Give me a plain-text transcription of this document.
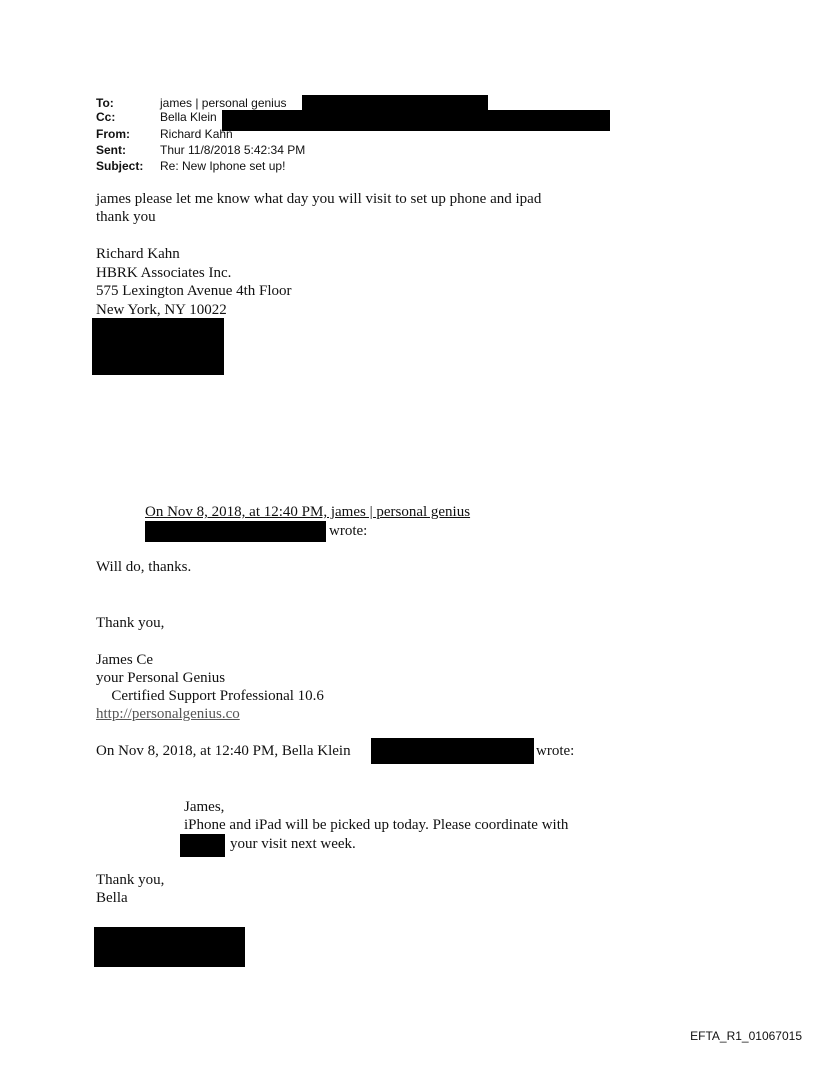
To:	james | personal genius
Cc:	Bella Klein
From:	Richard Kahn
Sent:	Thur 11/8/2018 5:42:34 PM
Subject: Re: New Iphone set up!
james please let me know what day you will visit to set up phone and ipad
thank you
Richard Kahn
HBRK Associates Inc.
575 Lexington Avenue 4th Floor
New York, NY 10022
On Nov 8, 2018, at 12:40 PM, james | personal genius
wrote:
Will do, thanks.
Thank you,
James Ce
your Personal Genius
Certified Support Professional 10.6
http://personalgenius.co
On Nov 8, 2018, at 12:40 PM, Bella Klein	wrote:
James,
iPhone and iPad will be picked up today. Please coordinate with
your visit next week.
Thank you,
Bella
EFTA_R1_01067015
